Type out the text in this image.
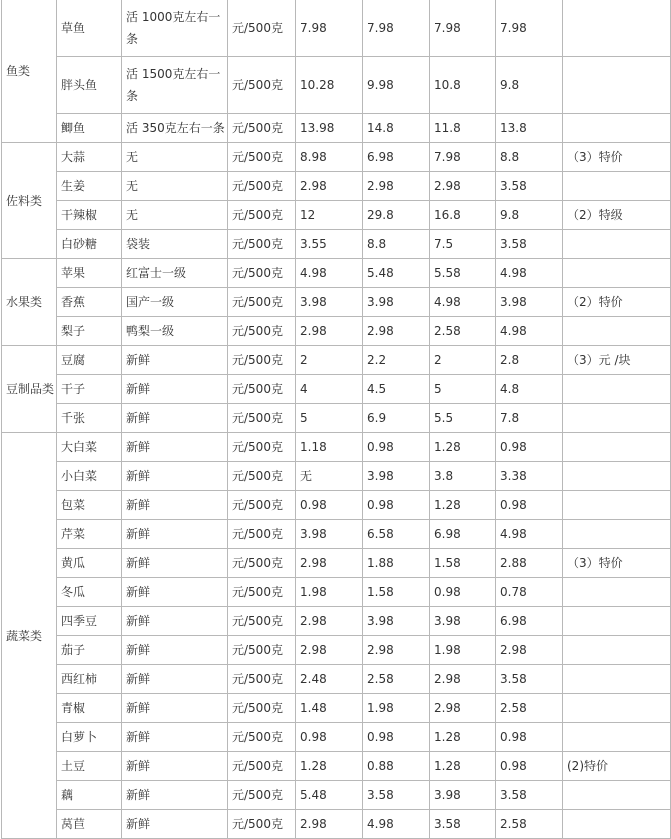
鱼类	草鱼	活 1000克左右一条	元/500克	7.98	7.98	7.98	7.98	
	胖头鱼	活 1500克左右一条	元/500克	10.28	9.98	10.8	9.8	
	鲫鱼	活 350克左右一条	元/500克	13.98	14.8	11.8	13.8	
佐料类	大蒜	无	元/500克	8.98	6.98	7.98	8.8	（3）特价
	生姜	无	元/500克	2.98	2.98	2.98	3.58	
	干辣椒	无	元/500克	12	29.8	16.8	9.8	（2）特级
	白砂糖	袋装	元/500克	3.55	8.8	7.5	3.58	
水果类	苹果	红富士一级	元/500克	4.98	5.48	5.58	4.98	
	香蕉	国产一级	元/500克	3.98	3.98	4.98	3.98	（2）特价
	梨子	鸭梨一级	元/500克	2.98	2.98	2.58	4.98	
豆制品类	豆腐	新鲜	元/500克	2	2.2	2	2.8	（3）元 /块
	干子	新鲜	元/500克	4	4.5	5	4.8	
	千张	新鲜	元/500克	5	6.9	5.5	7.8	
蔬菜类	大白菜	新鲜	元/500克	1.18	0.98	1.28	0.98	
	小白菜	新鲜	元/500克	无	3.98	3.8	3.38	
	包菜	新鲜	元/500克	0.98	0.98	1.28	0.98	
	芹菜	新鲜	元/500克	3.98	6.58	6.98	4.98	
	黄瓜	新鲜	元/500克	2.98	1.88	1.58	2.88	（3）特价
	冬瓜	新鲜	元/500克	1.98	1.58	0.98	0.78	
	四季豆	新鲜	元/500克	2.98	3.98	3.98	6.98	
	茄子	新鲜	元/500克	2.98	2.98	1.98	2.98	
	西红柿	新鲜	元/500克	2.48	2.58	2.98	3.58	
	青椒	新鲜	元/500克	1.48	1.98	2.98	2.58	
	白萝卜	新鲜	元/500克	0.98	0.98	1.28	0.98	
	土豆	新鲜	元/500克	1.28	0.88	1.28	0.98	(2)特价
	藕	新鲜	元/500克	5.48	3.58	3.98	3.58	
	莴苣	新鲜	元/500克	2.98	4.98	3.58	2.58	
